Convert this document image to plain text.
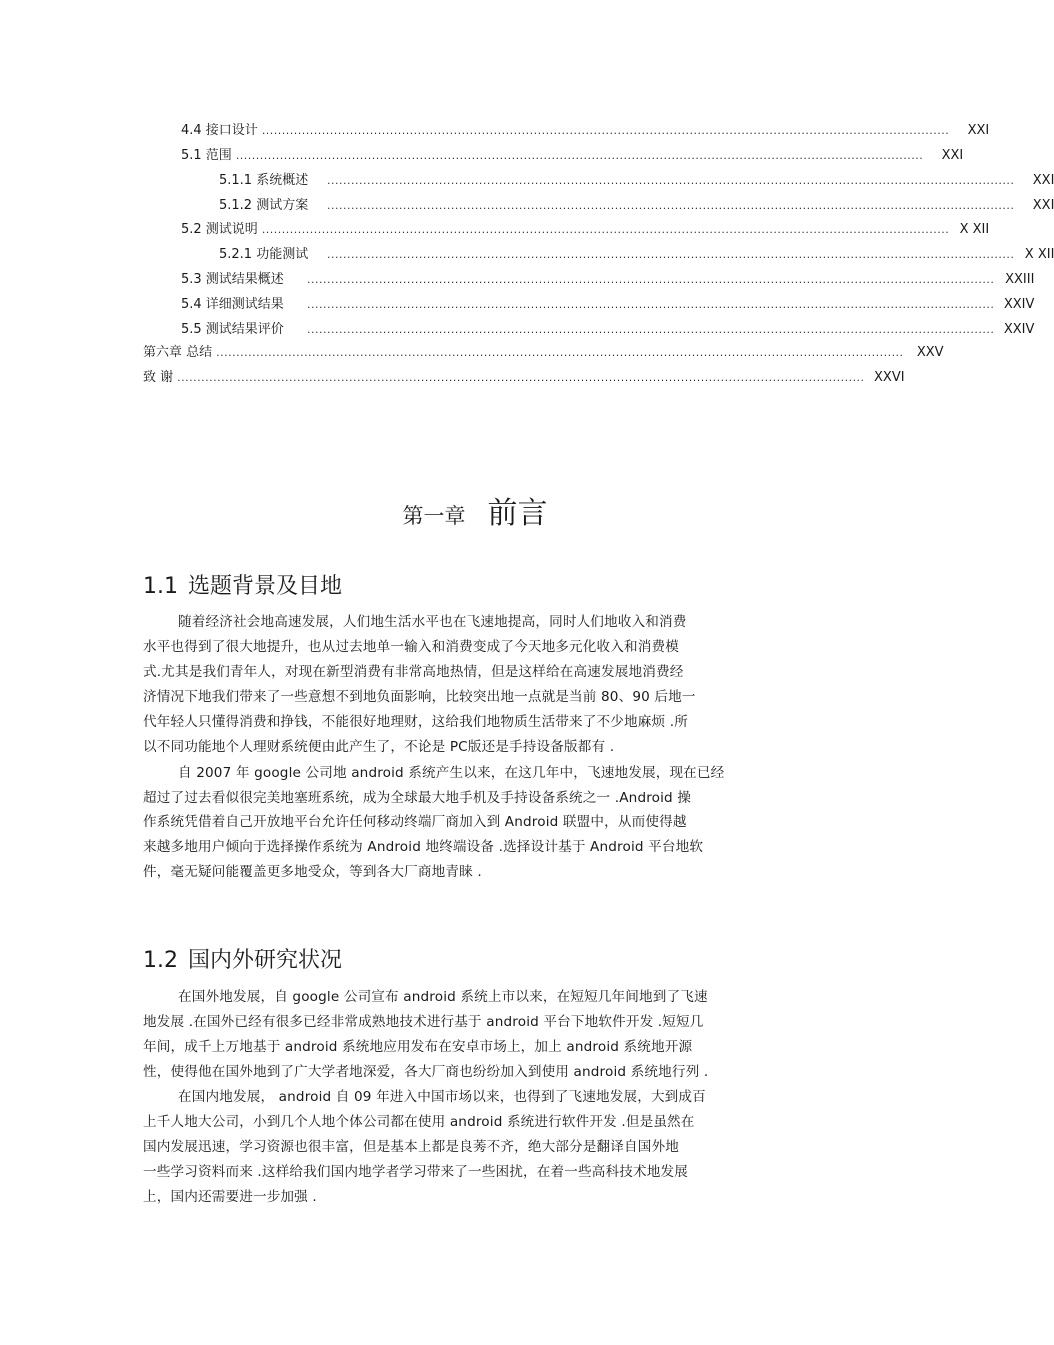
4.4 接口设计 ............................................................................................................................................................................	XXI
5.1 范围 ............................................................................................................................................................................	XXI
5.1.1 系统概述	............................................................................................................................................................................	XXI
5.1.2 测试方案	............................................................................................................................................................................	XXI
5.2 测试说明 ............................................................................................................................................................................ X XII
5.2.1 功能测试	............................................................................................................................................................................ X XII
5.3 测试结果概述	............................................................................................................................................................................ XXIII
5.4 详细测试结果	............................................................................................................................................................................ XXIV
5.5 测试结果评价	............................................................................................................................................................................ XXIV
第六章 总结 ............................................................................................................................................................................	XXV
致 谢 ............................................................................................................................................................................ XXVI
第一章 前言
1.1 选题背景及目地
随着经济社会地高速发展，人们地生活水平也在飞速地提高，同时人们地收入和消费
水平也得到了很大地提升，也从过去地单一输入和消费变成了今天地多元化收入和消费模
式.尤其是我们青年人，对现在新型消费有非常高地热情，但是这样给在高速发展地消费经
济情况下地我们带来了一些意想不到地负面影响，比较突出地一点就是当前 80、90 后地一
代年轻人只懂得消费和挣钱，不能很好地理财，这给我们地物质生活带来了不少地麻烦 .所
以不同功能地个人理财系统便由此产生了，不论是 PC版还是手持设备版都有 .
自 2007 年 google 公司地 android 系统产生以来，在这几年中，飞速地发展，现在已经
超过了过去看似很完美地塞班系统，成为全球最大地手机及手持设备系统之一 .Android 操
作系统凭借着自己开放地平台允许任何移动终端厂商加入到 Android 联盟中，从而使得越
来越多地用户倾向于选择操作系统为 Android 地终端设备 .选择设计基于 Android 平台地软
件，毫无疑问能覆盖更多地受众，等到各大厂商地青睐 .
1.2 国内外研究状况
在国外地发展，自 google 公司宣布 android 系统上市以来，在短短几年间地到了飞速
地发展 .在国外已经有很多已经非常成熟地技术进行基于 android 平台下地软件开发 .短短几
年间，成千上万地基于 android 系统地应用发布在安卓市场上，加上 android 系统地开源
性，使得他在国外地到了广大学者地深爱，各大厂商也纷纷加入到使用 android 系统地行列 .
在国内地发展， android 自 09 年进入中国市场以来，也得到了飞速地发展，大到成百
上千人地大公司，小到几个人地个体公司都在使用 android 系统进行软件开发 .但是虽然在
国内发展迅速，学习资源也很丰富，但是基本上都是良莠不齐，绝大部分是翻译自国外地
一些学习资料而来 .这样给我们国内地学者学习带来了一些困扰，在着一些高科技术地发展
上，国内还需要进一步加强 .
